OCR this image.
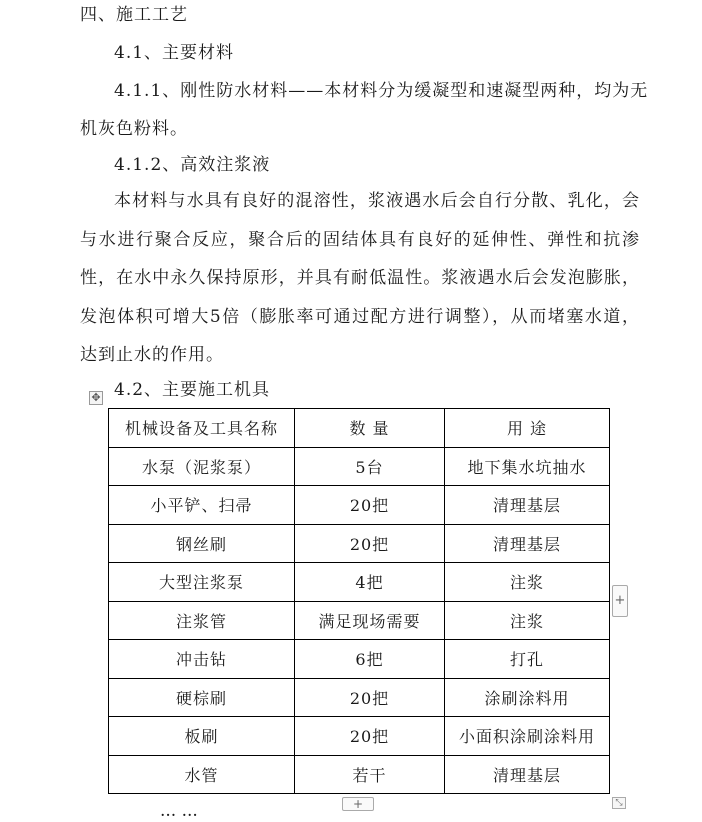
四、施工工艺
4.1、主要材料
4.1.1、刚性防水材料——本材料分为缓凝型和速凝型两种，均为无
机灰色粉料。
4.1.2、高效注浆液
本材料与水具有良好的混溶性，浆液遇水后会自行分散、乳化，会与水进行聚合反应，聚合后的固结体具有良好的延伸性、弹性和抗渗性，在水中永久保持原形，并具有耐低温性。浆液遇水后会发泡膨胀，发泡体积可增大5倍（膨胀率可通过配方进行调整），从而堵塞水道，达到止水的作用。
4.2、主要施工机具
✥
机械设备及工具名称	数 量	用 途
水泵（泥浆泵）	5台	地下集水坑抽水
小平铲、扫帚	20把	清理基层
钢丝刷	20把	清理基层
大型注浆泵	4把	注浆
注浆管	满足现场需要	注浆
冲击钻	6把	打孔
硬棕刷	20把	涂刷涂料用
板刷	20把	小面积涂刷涂料用
水管	若干	清理基层
+
+	⤡
... ...
